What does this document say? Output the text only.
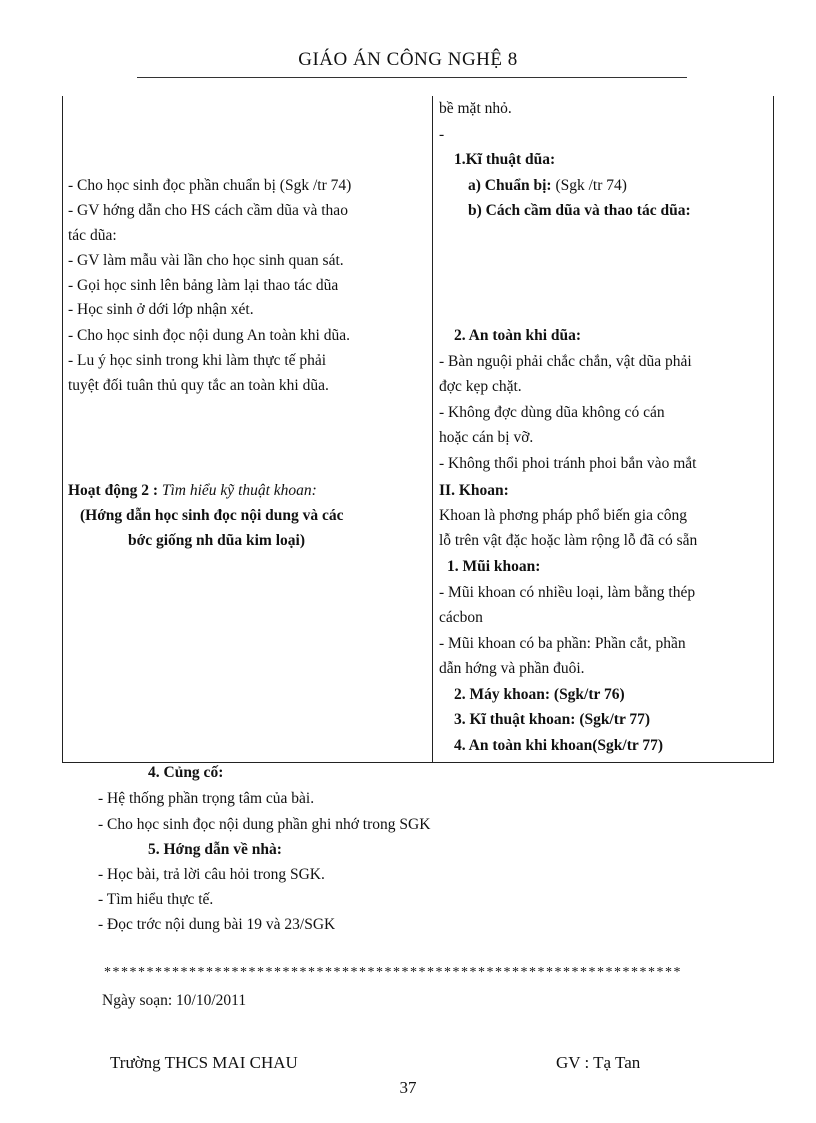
GIÁO ÁN CÔNG NGHỆ 8
- Cho học sinh đọc phần chuẩn bị (Sgk /tr 74)
- GV hớng dẫn cho HS cách cầm dũa và thao
tác dũa:
- GV làm mẫu vài lần cho học sinh quan sát.
- Gọi học sinh lên bảng làm lại thao tác dũa
- Học sinh ở dới lớp nhận xét.
- Cho học sinh đọc nội dung An toàn khi dũa.
- Lu ý học sinh trong khi làm thực tế phải
tuyệt đối tuân thủ quy tắc an toàn khi dũa.
Hoạt động 2 : Tìm hiểu kỹ thuật khoan:
(Hớng dẫn học sinh đọc nội dung và các
bớc giống nh dũa kim loại)
bề mặt nhỏ.
-
1.Kĩ thuật dũa:
a) Chuẩn bị: (Sgk /tr 74)
b) Cách cầm dũa và thao tác dũa:
2. An toàn khi dũa:
- Bàn nguội phải chắc chắn, vật dũa phải
đợc kẹp chặt.
- Không đợc dùng dũa không có cán
hoặc cán bị vỡ.
- Không thổi phoi tránh phoi bắn vào mắt
II. Khoan:
Khoan là phơng pháp phổ biến gia công
lỗ trên vật đặc hoặc làm rộng lỗ đã có sẵn
1. Mũi khoan:
- Mũi khoan có nhiều loại, làm bằng thép
cácbon
- Mũi khoan có ba phần: Phần cắt, phần
dẫn hớng và phần đuôi.
2. Máy khoan: (Sgk/tr 76)
3. Kĩ thuật khoan: (Sgk/tr 77)
4. An toàn khi khoan(Sgk/tr 77)
4. Củng cố:
- Hệ thống phần trọng tâm của bài.
- Cho học sinh đọc nội dung phần ghi nhớ trong SGK
5. Hớng dẫn về nhà:
- Học bài, trả lời câu hỏi trong SGK.
- Tìm hiểu thực tế.
- Đọc trớc nội dung bài 19 và 23/SGK
********************************************************************
Ngày soạn: 10/10/2011
Trường THCS MAI CHAU	GV : Tạ Tan
37
